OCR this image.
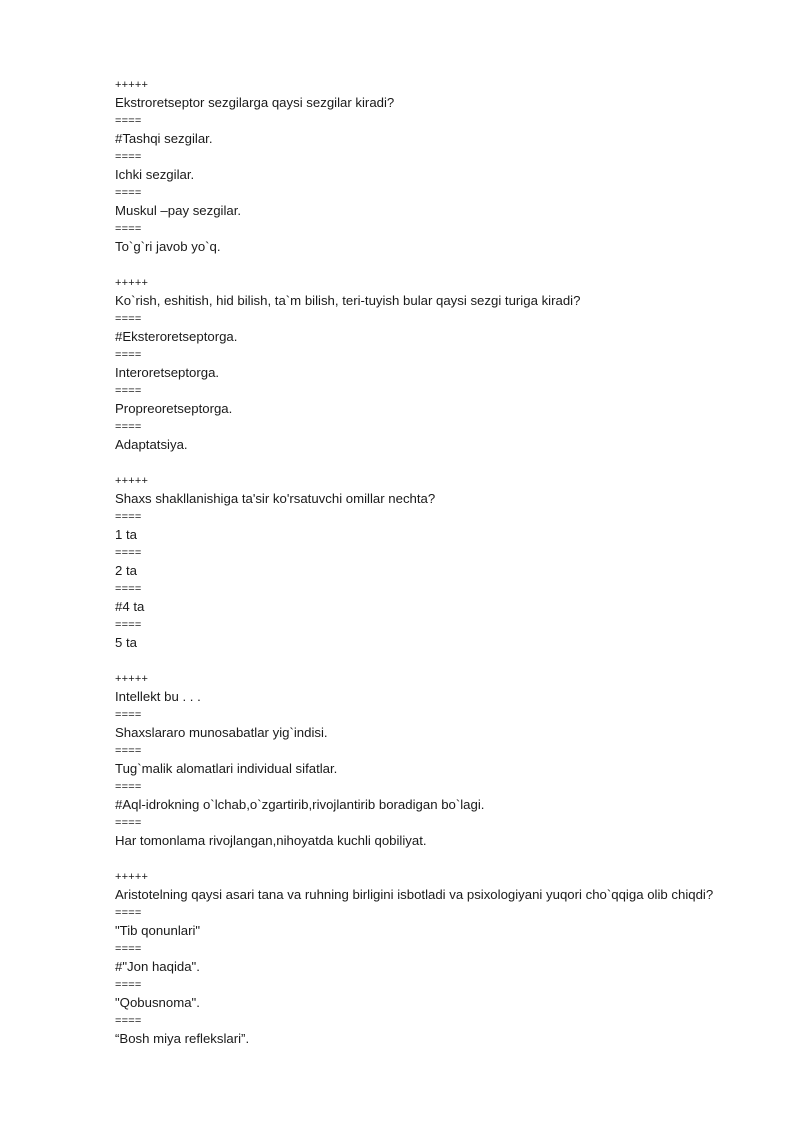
+++++
Ekstroretseptor sezgilarga qaysi sezgilar kiradi?
====
#Tashqi sezgilar.
====
Ichki sezgilar.
====
Muskul –pay sezgilar.
====
To`g`ri javob yo`q.
+++++
Ko`rish, eshitish, hid bilish, ta`m bilish, teri-tuyish bular qaysi sezgi turiga kiradi?
====
#Eksteroretseptorga.
====
Interoretseptorga.
====
Propreoretseptorga.
====
Adaptatsiya.
+++++
Shaxs shakllanishiga ta'sir ko'rsatuvchi omillar nechta?
====
1 ta
====
2 ta
====
#4 ta
====
5 ta
+++++
Intellekt bu . . .
====
Shaxslararo munosabatlar yig`indisi.
====
Tug`malik alomatlari individual sifatlar.
====
#Aql-idrokning o`lchab,o`zgartirib,rivojlantirib boradigan bo`lagi.
====
Har tomonlama rivojlangan,nihoyatda kuchli qobiliyat.
+++++
Aristotelning qaysi asari tana va ruhning birligini isbotladi va psixologiyani yuqori cho`qqiga olib chiqdi?
====
"Tib qonunlari"
====
#"Jon haqida".
====
"Qobusnoma".
====
“Bosh miya reflekslari”.
